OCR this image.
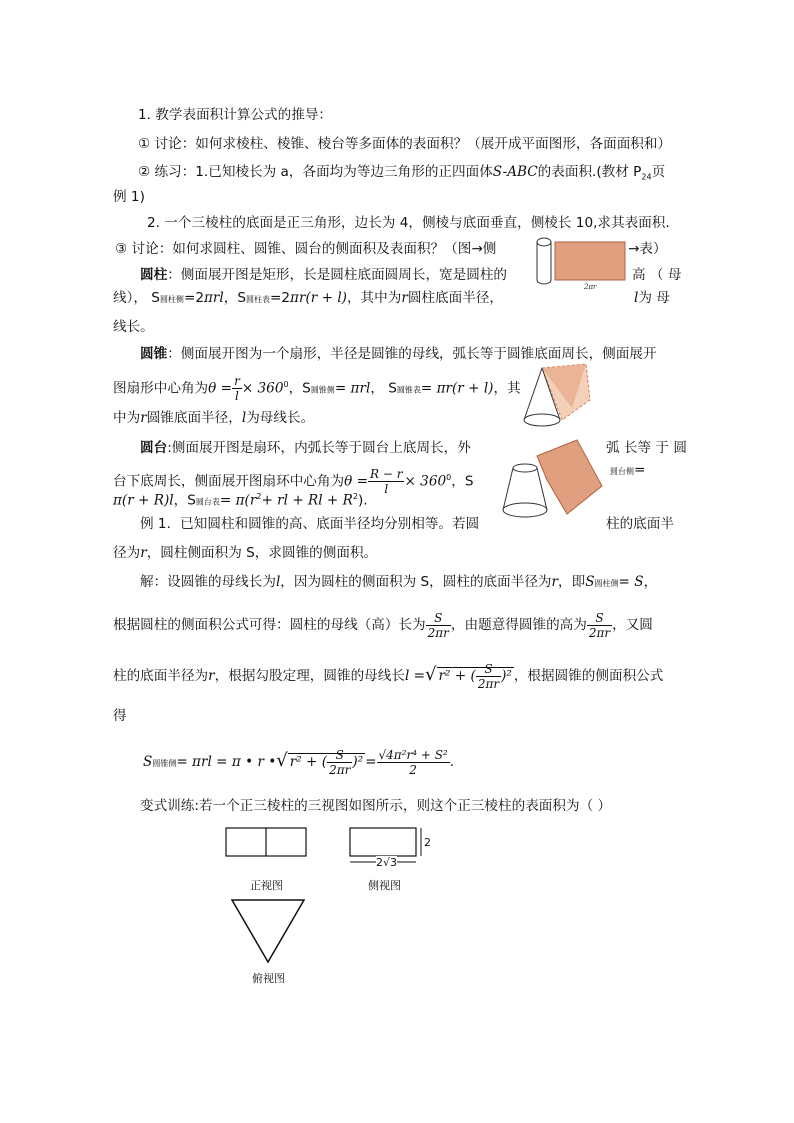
1. 教学表面积计算公式的推导：
① 讨论：如何求棱柱、棱锥、棱台等多面体的表面积？（展开成平面图形，各面面积和）
② 练习：1.已知棱长为 a，各面均为等边三角形的正四面体S-ABC的表面积.(教材 $P_{24}$页
例 1)
2. 一个三棱柱的底面是正三角形，边长为 4，侧棱与底面垂直，侧棱长 10,求其表面积.
③ 讨论：如何求圆柱、圆锥、圆台的侧面积及表面积？（图→侧	→表）
圆柱：侧面展开图是矩形，长是圆柱底面圆周长，宽是圆柱的	高 （ 母
线）， S圆柱侧=2πrl，S圆柱表=2πr(r + l)，其中为r圆柱底面半径，	l为 母
线长。
2πr
圆锥：侧面展开图为一个扇形，半径是圆锥的母线，弧长等于圆锥底面周长，侧面展开
图扇形中心角为$\theta = \frac{r}{l} \times 360^0$，S圆锥侧= πrl， S圆锥表= πr(r + l)，其
中为r圆锥底面半径，l为母线长。
圆台:侧面展开图是扇环，内弧长等于圆台上底周长，外	弧 长等 于 圆
台下底周长，侧面展开图扇环中心角为$\theta = \frac{R - r}{l} \times 360^0$，S
圆台侧=
π(r + R)l，S圆台表= $\pi(r^2+$ rl + $Rl + R^2$).
例 1．已知圆柱和圆锥的高、底面半径均分别相等。若圆	柱的底面半
径为r，圆柱侧面积为 S，求圆锥的侧面积。
解：设圆锥的母线长为l，因为圆柱的侧面积为 S，圆柱的底面半径为r，即S圆柱侧= S，
根据圆柱的侧面积公式可得：圆柱的母线（高）长为 $\frac{S}{2\pi r}$ ，由题意得圆锥的高为 $\frac{S}{2\pi r}$ ，又圆
柱的底面半径为r，根据勾股定理，圆锥的母线长l =√ r² + ( $\frac{S}{2\pi r} )^2$ ，根据圆锥的侧面积公式
得
S圆锥侧= πrl = π • r •√ r² + ( $\frac{S}{2\pi r} )^2 = \frac{\text{√4π²r⁴ + S²}}{2}$ .
变式训练:若一个正三棱柱的三视图如图所示，则这个正三棱柱的表面积为（ ）
正视图
2
2√3
侧视图
俯视图
